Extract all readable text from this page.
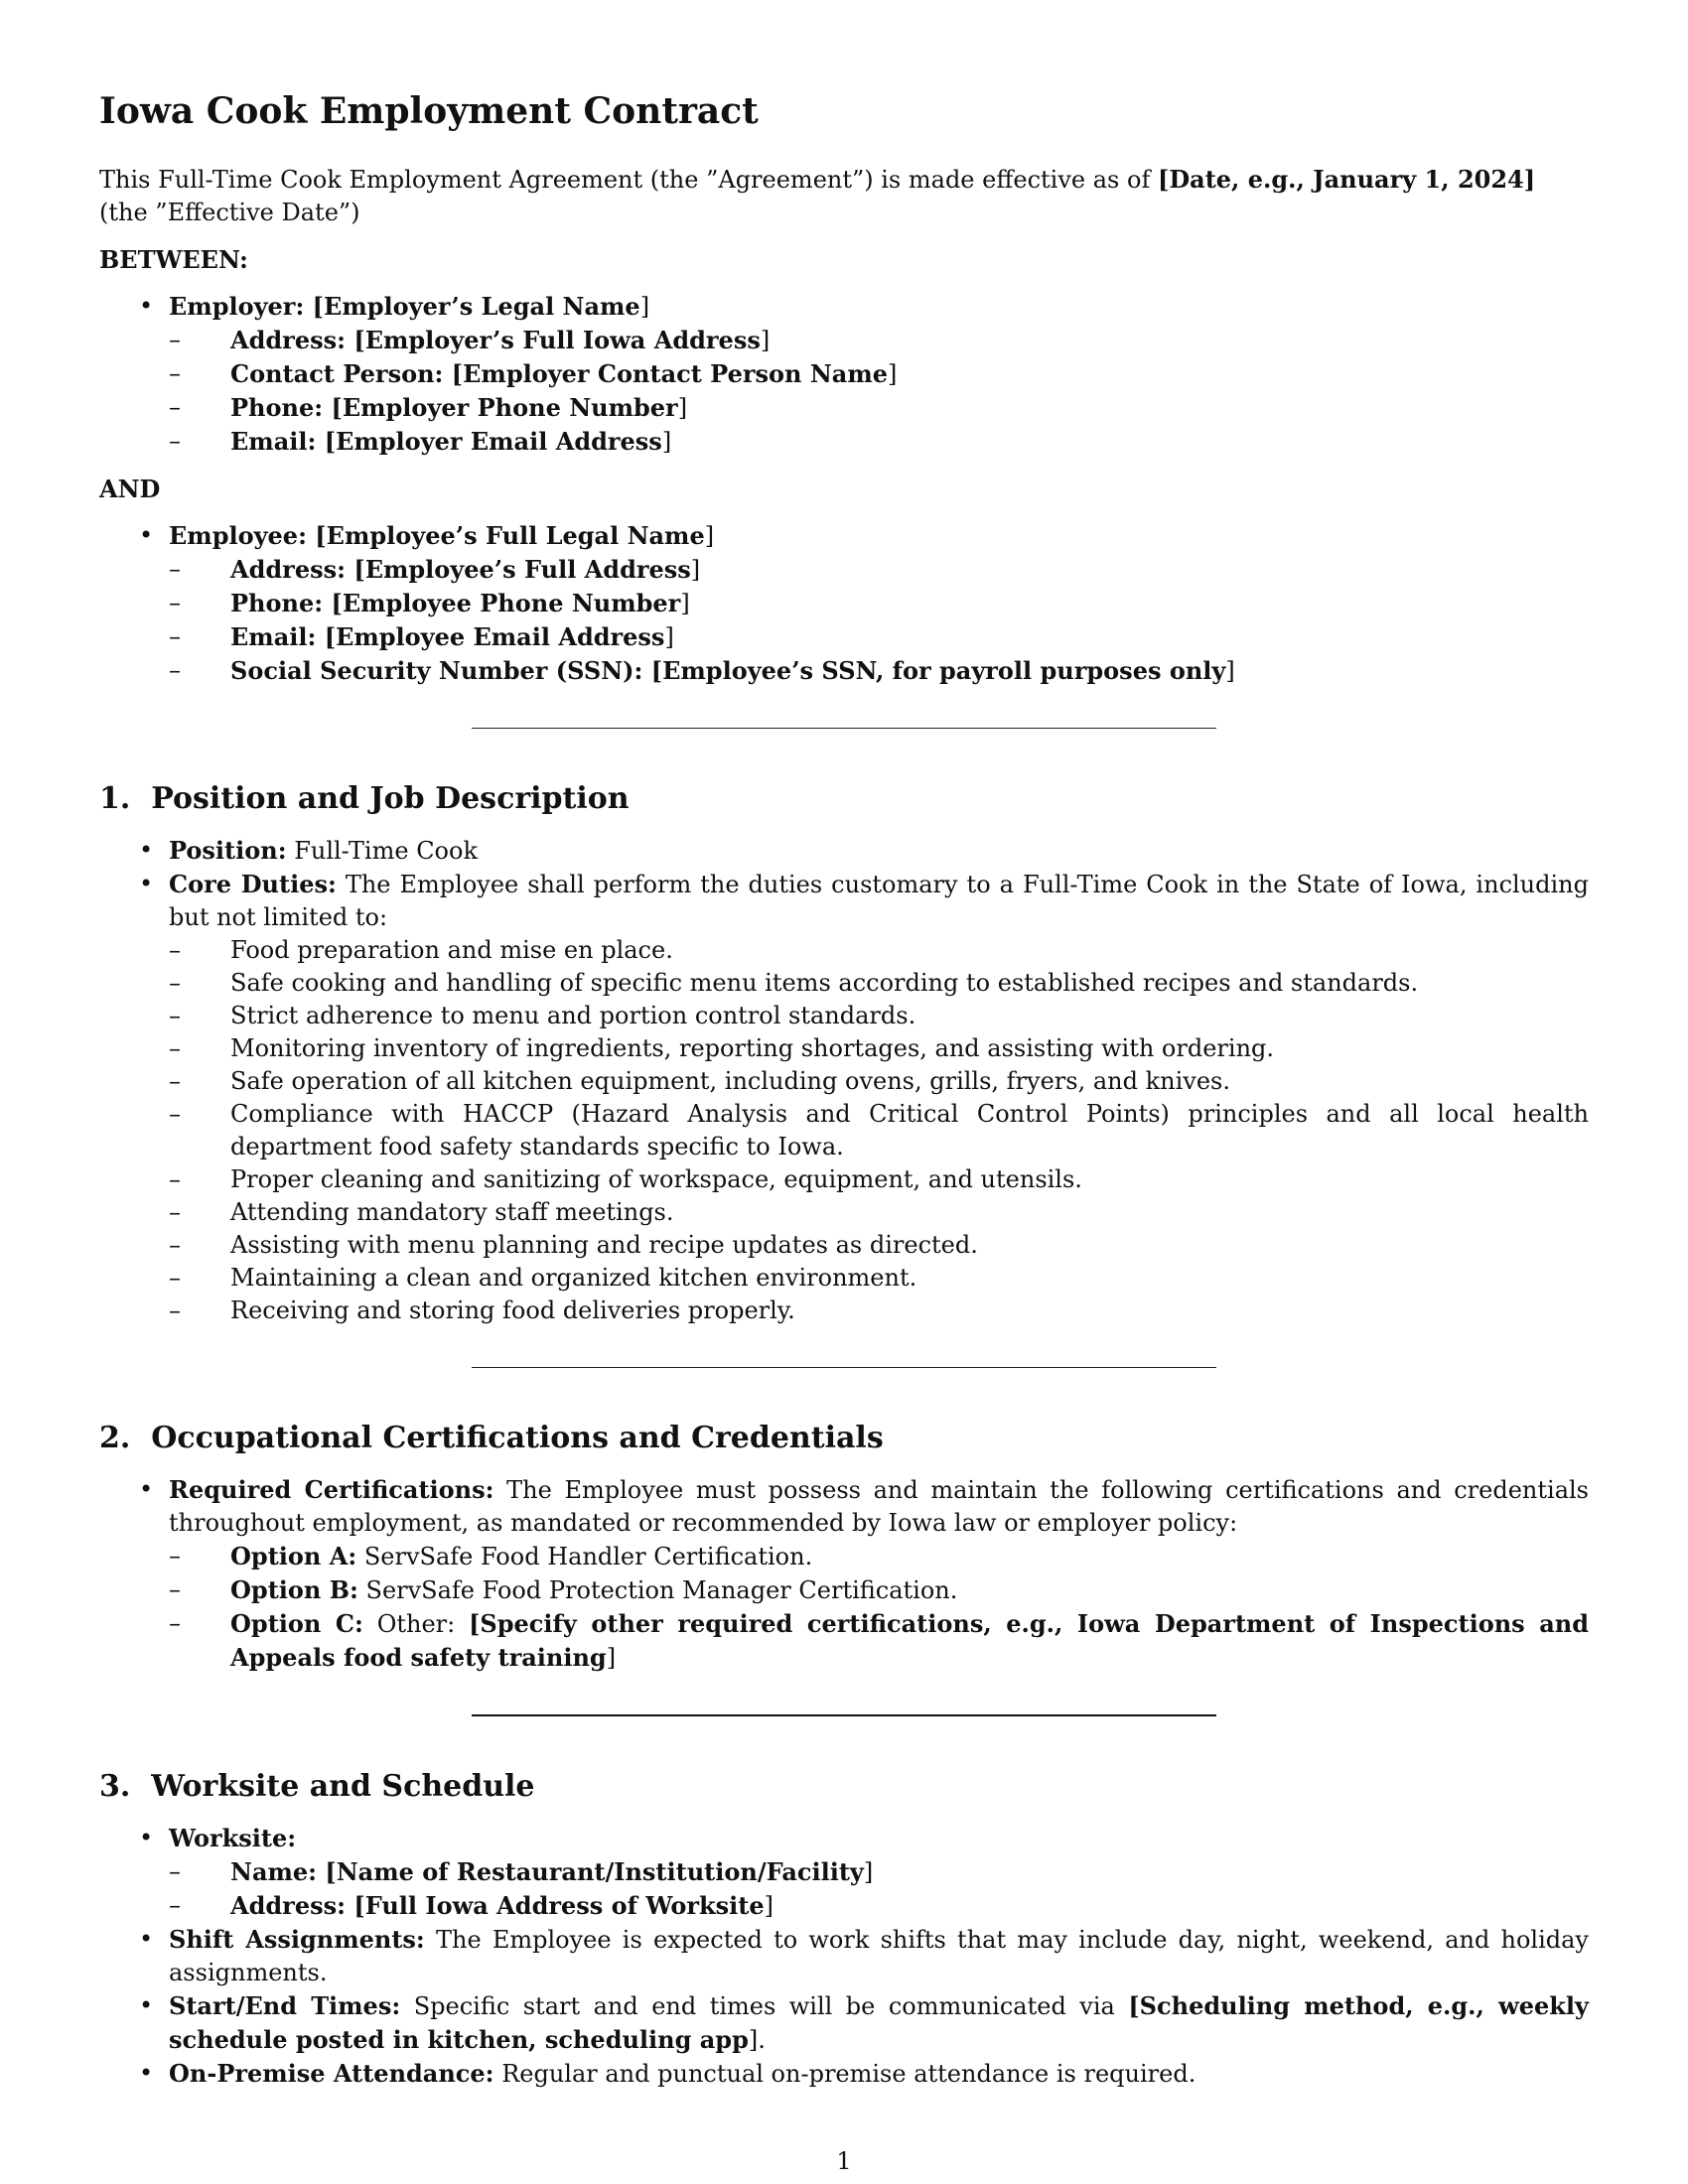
Iowa Cook Employment Contract

This Full-Time Cook Employment Agreement (the ”Agreement”) is made effective as of [Date, e.g., January 1, 2024]
(the ”Effective Date”)

BETWEEN:
• Employer: [Employer’s Legal Name]
– Address: [Employer’s Full Iowa Address]
– Contact Person: [Employer Contact Person Name]
– Phone: [Employer Phone Number]
– Email: [Employer Email Address]
AND
• Employee: [Employee’s Full Legal Name]
– Address: [Employee’s Full Address]
– Phone: [Employee Phone Number]
– Email: [Employee Email Address]
– Social Security Number (SSN): [Employee’s SSN, for payroll purposes only]
1. Position and Job Description
• Position: Full-Time Cook
• Core Duties: The Employee shall perform the duties customary to a Full-Time Cook in the State of Iowa, including but not limited to:
– Food preparation and mise en place.
– Safe cooking and handling of specific menu items according to established recipes and standards.
– Strict adherence to menu and portion control standards.
– Monitoring inventory of ingredients, reporting shortages, and assisting with ordering.
– Safe operation of all kitchen equipment, including ovens, grills, fryers, and knives.
– Compliance with HACCP (Hazard Analysis and Critical Control Points) principles and all local health department food safety standards specific to Iowa.
– Proper cleaning and sanitizing of workspace, equipment, and utensils.
– Attending mandatory staff meetings.
– Assisting with menu planning and recipe updates as directed.
– Maintaining a clean and organized kitchen environment.
– Receiving and storing food deliveries properly.
2. Occupational Certifications and Credentials
• Required Certifications: The Employee must possess and maintain the following certifications and credentials throughout employment, as mandated or recommended by Iowa law or employer policy:
– Option A: ServSafe Food Handler Certification.
– Option B: ServSafe Food Protection Manager Certification.
– Option C: Other: [Specify other required certifications, e.g., Iowa Department of Inspections and Appeals food safety training]
3. Worksite and Schedule
• Worksite:
– Name: [Name of Restaurant/Institution/Facility]
– Address: [Full Iowa Address of Worksite]
• Shift Assignments: The Employee is expected to work shifts that may include day, night, weekend, and holiday assignments.
• Start/End Times: Specific start and end times will be communicated via [Scheduling method, e.g., weekly schedule posted in kitchen, scheduling app].
• On-Premise Attendance: Regular and punctual on-premise attendance is required.
1
